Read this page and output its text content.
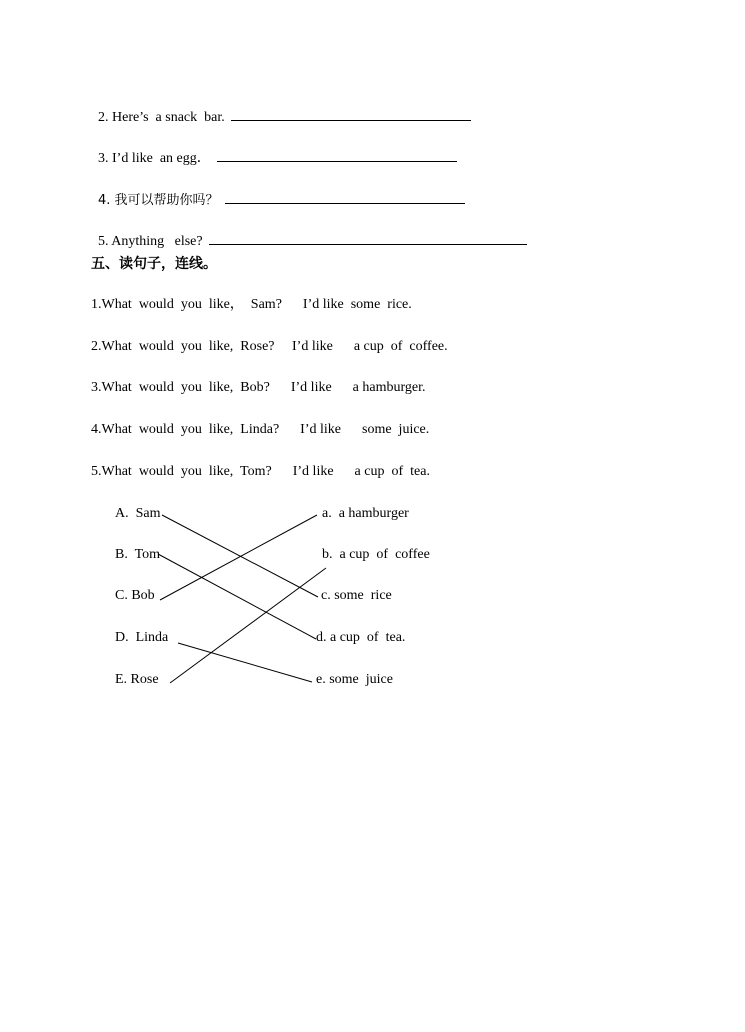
2. Here’s  a snack  bar.

3. I’d like  an egg．

4. 我可以帮助你吗？

5. Anything   else?

五、读句子，连线。
1.What  would  you  like，  Sam?      I’d like  some  rice.
2.What  would  you  like,  Rose?     I’d like      a cup  of  coffee.
3.What  would  you  like,  Bob?      I’d like      a hamburger.
4.What  would  you  like,  Linda?      I’d like      some  juice.
5.What  would  you  like,  Tom?      I’d like      a cup  of  tea.
A.  Sam
B.  Tom
C. Bob
D.  Linda
E. Rose
a.  a hamburger
b.  a cup  of  coffee
c. some  rice
d. a cup  of  tea.
e. some  juice
